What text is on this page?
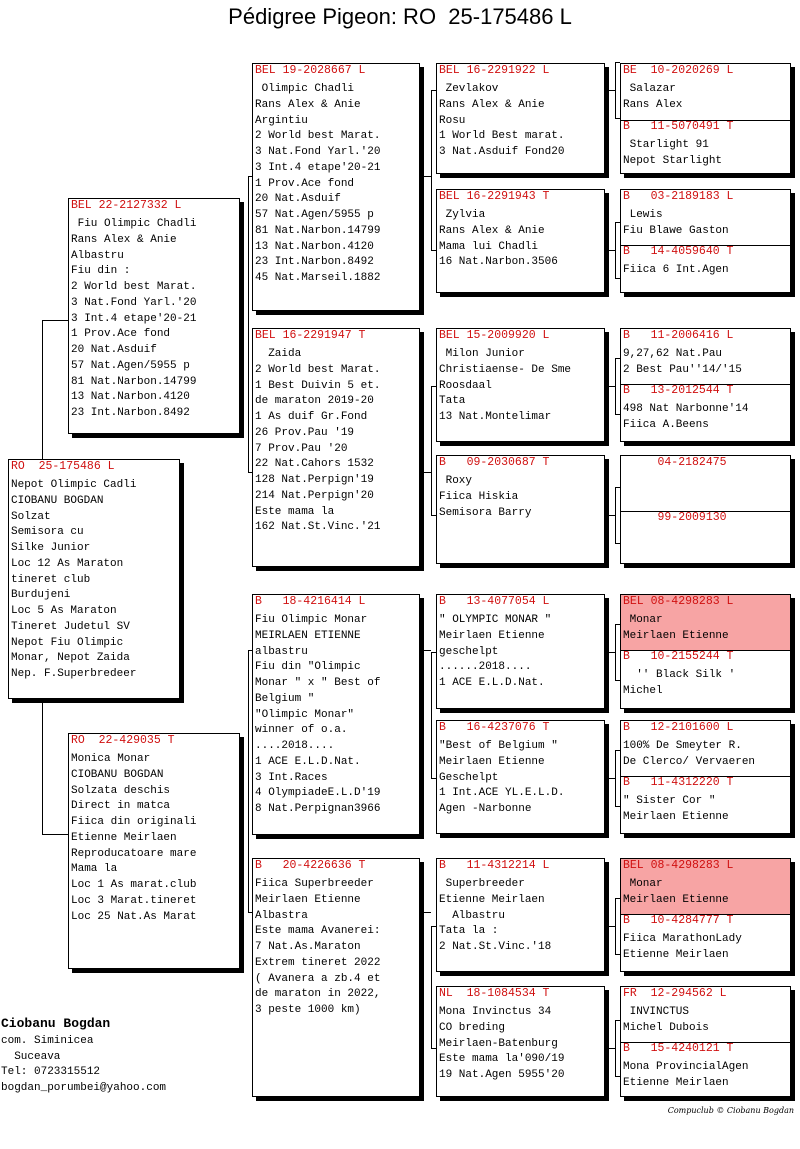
Pédigree Pigeon: RO  25-175486 L
RO  25-175486 L
Nepot Olimpic Cadli
CIOBANU BOGDAN
Solzat
Semisora cu
Silke Junior
Loc 12 As Maraton
tineret club
Burdujeni
Loc 5 As Maraton
Tineret Judetul SV
Nepot Fiu Olimpic
Monar, Nepot Zaida
Nep. F.Superbredeer
BEL 22-2127332 L
Fiu Olimpic Chadli
Rans Alex & Anie
Albastru
Fiu din :
2 World best Marat.
3 Nat.Fond Yarl.'20
3 Int.4 etape'20-21
1 Prov.Ace fond
20 Nat.Asduif
57 Nat.Agen/5955 p
81 Nat.Narbon.14799
13 Nat.Narbon.4120
23 Int.Narbon.8492
RO  22-429035 T
Monica Monar
CIOBANU BOGDAN
Solzata deschis
Direct in matca
Fiica din originali
Etienne Meirlaen
Reproducatoare mare
Mama la
Loc 1 As marat.club
Loc 3 Marat.tineret
Loc 25 Nat.As Marat
BEL 19-2028667 L
Olimpic Chadli
Rans Alex & Anie
Argintiu
2 World best Marat.
3 Nat.Fond Yarl.'20
3 Int.4 etape'20-21
1 Prov.Ace fond
20 Nat.Asduif
57 Nat.Agen/5955 p
81 Nat.Narbon.14799
13 Nat.Narbon.4120
23 Int.Narbon.8492
45 Nat.Marseil.1882
BEL 16-2291947 T
Zaida
2 World best Marat.
1 Best Duivin 5 et.
de maraton 2019-20
1 As duif Gr.Fond
26 Prov.Pau '19
7 Prov.Pau '20
22 Nat.Cahors 1532
128 Nat.Perpign'19
214 Nat.Perpign'20
Este mama la
162 Nat.St.Vinc.'21
B   18-4216414 L
Fiu Olimpic Monar
MEIRLAEN ETIENNE
albastru
Fiu din "Olimpic
Monar " x " Best of
Belgium "
"Olimpic Monar"
winner of o.a.
....2018....
1 ACE E.L.D.Nat.
3 Int.Races
4 OlympiadeE.L.D'19
8 Nat.Perpignan3966
B   20-4226636 T
Fiica Superbreeder
Meirlaen Etienne
Albastra
Este mama Avanerei:
7 Nat.As.Maraton
Extrem tineret 2022
( Avanera a zb.4 et
de maraton in 2022,
3 peste 1000 km)
BEL 16-2291922 L
Zevlakov
Rans Alex & Anie
Rosu
1 World Best marat.
3 Nat.Asduif Fond20
BEL 16-2291943 T
Zylvia
Rans Alex & Anie
Mama lui Chadli
16 Nat.Narbon.3506
BEL 15-2009920 L
Milon Junior
Christiaense- De Sme
Roosdaal
Tata
13 Nat.Montelimar
B   09-2030687 T
Roxy
Fiica Hiskia
Semisora Barry
B   13-4077054 L
" OLYMPIC MONAR "
Meirlaen Etienne
geschelpt
......2018....
1 ACE E.L.D.Nat.
B   16-4237076 T
"Best of Belgium "
Meirlaen Etienne
Geschelpt
1 Int.ACE YL.E.L.D.
Agen -Narbonne
B   11-4312214 L
Superbreeder
Etienne Meirlaen
Albastru
Tata la :
2 Nat.St.Vinc.'18
NL  18-1084534 T
Mona Invinctus 34
CO breding
Meirlaen-Batenburg
Este mama la'090/19
19 Nat.Agen 5955'20
BE  10-2020269 L
Salazar
Rans Alex
B   11-5070491 T
Starlight 91
Nepot Starlight
B   03-2189183 L
Lewis
Fiu Blawe Gaston
B   14-4059640 T
Fiica 6 Int.Agen
B   11-2006416 L
9,27,62 Nat.Pau
2 Best Pau''14/'15
B   13-2012544 T
498 Nat Narbonne'14
Fiica A.Beens
04-2182475
99-2009130
BEL 08-4298283 L
Monar
Meirlaen Etienne
B   10-2155244 T
'' Black Silk '
Michel
B   12-2101600 L
100% De Smeyter R.
De Clerco/ Vervaeren
B   11-4312220 T
" Sister Cor "
Meirlaen Etienne
BEL 08-4298283 L
Monar
Meirlaen Etienne
B   10-4284777 T
Fiica MarathonLady
Etienne Meirlaen
FR  12-294562 L
INVINCTUS
Michel Dubois
B   15-4240121 T
Mona ProvincialAgen
Etienne Meirlaen
Ciobanu Bogdan
com. Siminicea
Suceava
Tel: 0723315512
bogdan_porumbei@yahoo.com
Compuclub © Ciobanu Bogdan
